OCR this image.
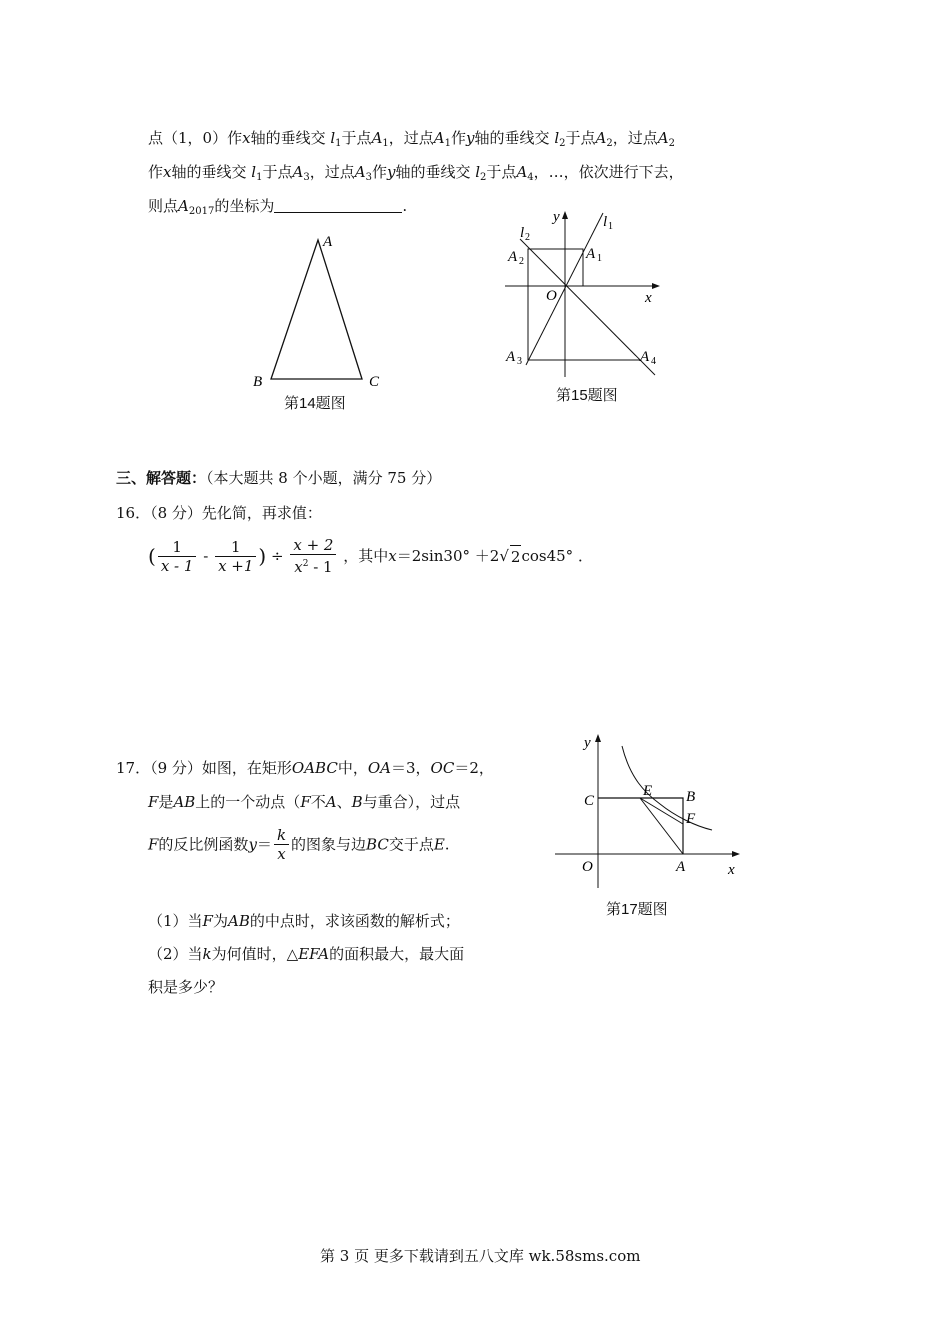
点（1，0）作x轴的垂线交 $l_1$于点$A_1$，过点$A_1$作y轴的垂线交 $l_2$于点$A_2$，过点$A_2$
作x轴的垂线交 $l_1$于点$A_3$，过点$A_3$作y轴的垂线交 $l_2$于点$A_4$，…，依次进行下去，
则点$A_{2017}$的坐标为	.
A
B	C
第14题图
y	l 1
l 2
A 2	A 1
O	x
A 3	A 4
第15题图
三、解答题：（本大题共 8 个小题，满分 75 分）
16．（8 分）先化简，再求值：
( $\frac{1}{x - 1} - \frac{1}{x +1}$ ) ÷ $\frac{x + 2}{x^2 - 1}$ ，其中x＝2sin30° ＋2√ 2cos45° ．
17．（9 分）如图，在矩形OABC中，OA＝3，OC＝2，
F是AB上的一个动点（F不A、B与重合），过点
F的反比例函数$y= \frac{k}{x}$ 的图象与边BC交于点E.
（1）当F为AB的中点时，求该函数的解析式；
（2）当k为何值时，△EFA的面积最大，最大面
积是多少？
y
C
E B
F
O	A	x
第17题图
第 3 页 更多下载请到五八文库 wk.58sms.com
